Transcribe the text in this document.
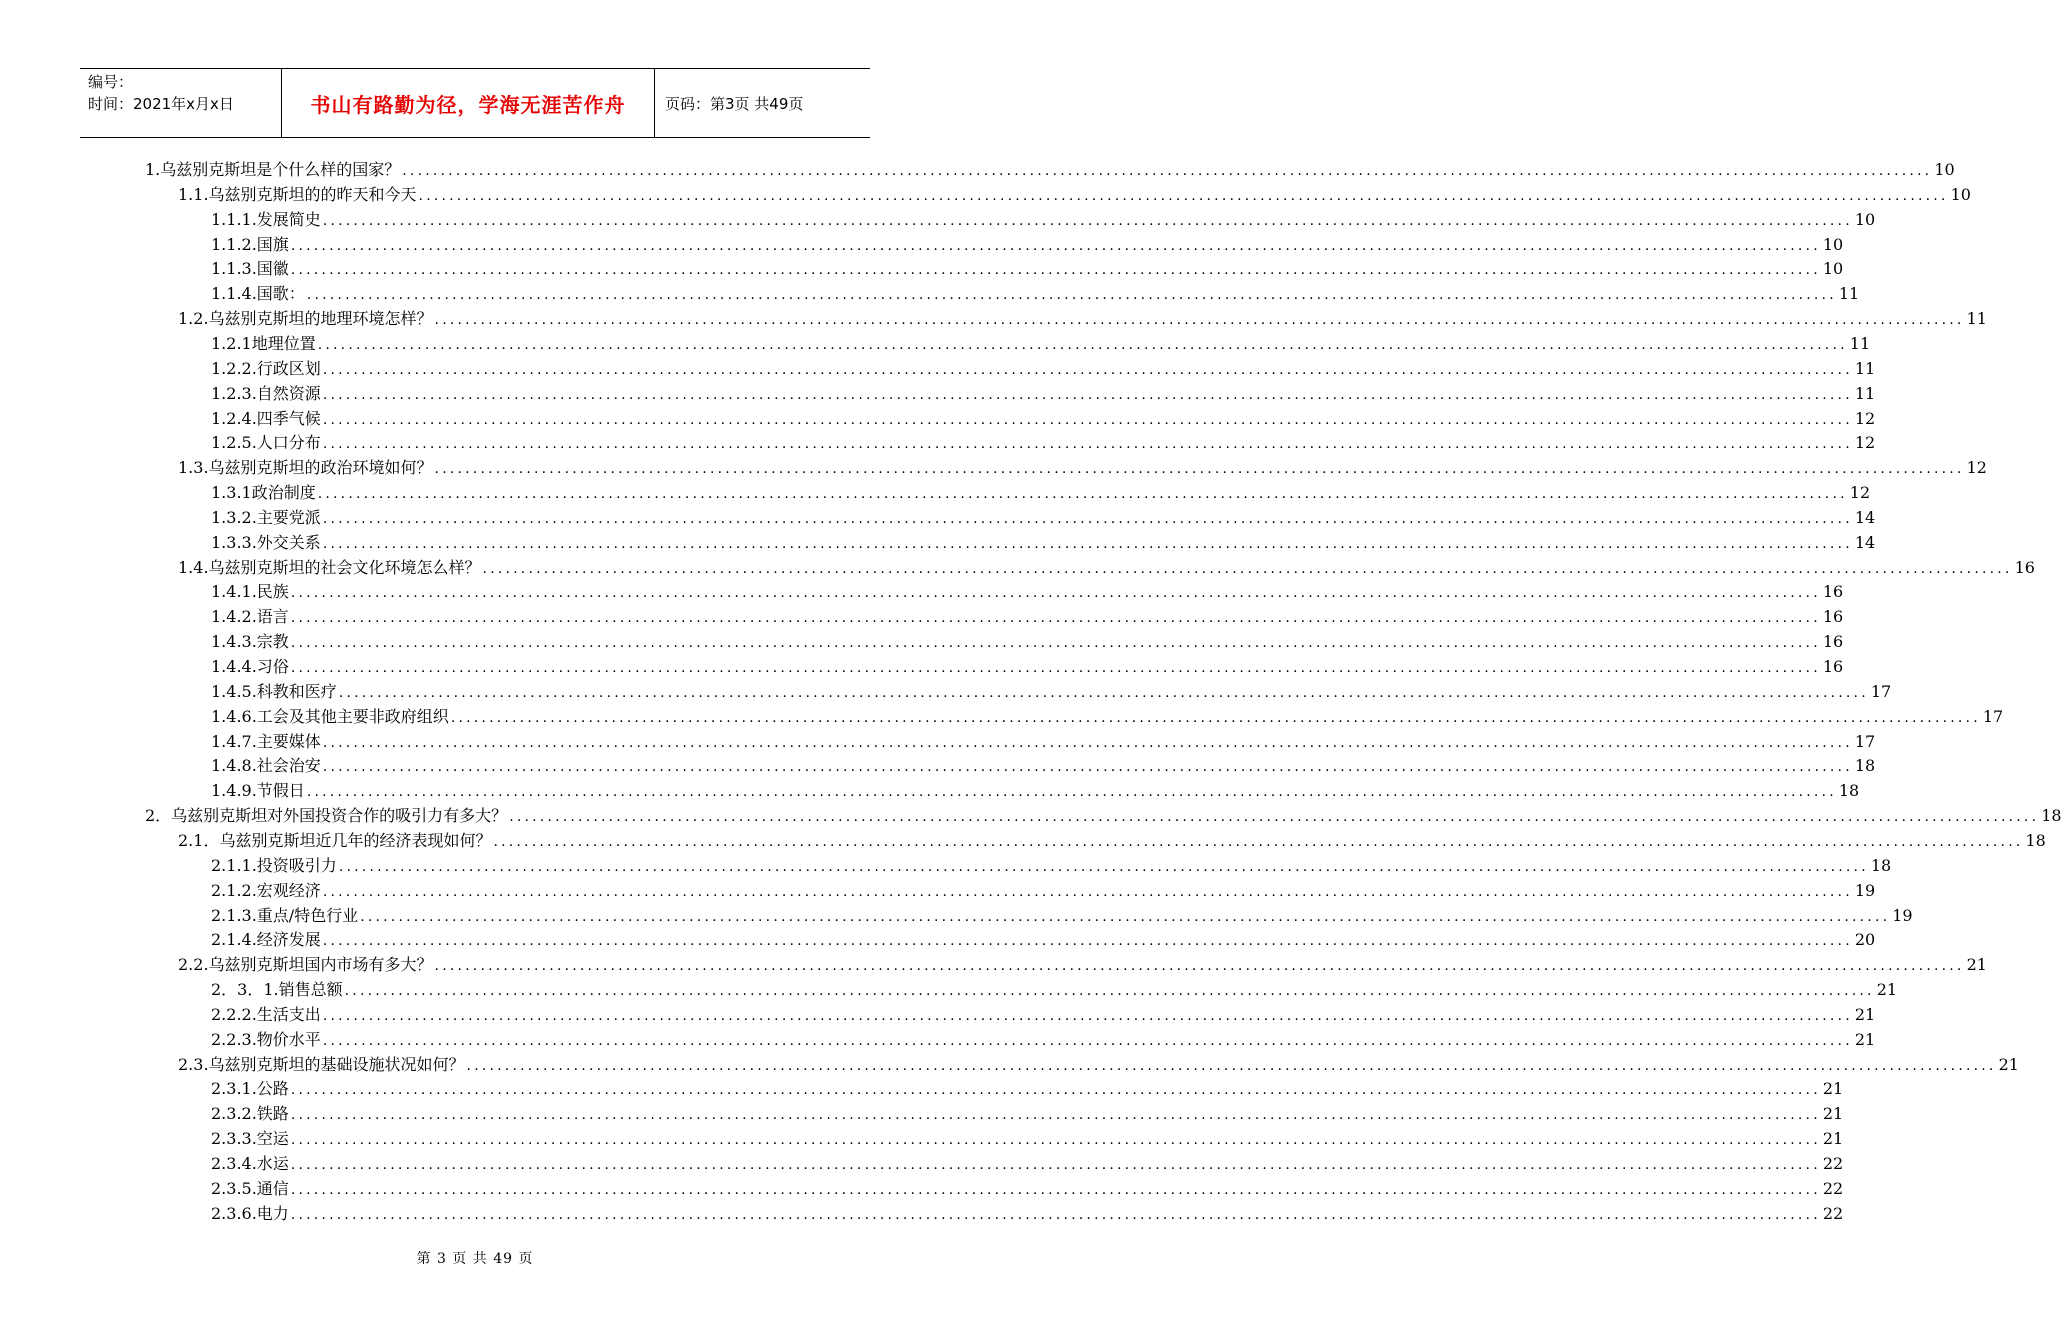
编号：
时间：2021年x月x日	书山有路勤为径，学海无涯苦作舟	页码：第3页 共49页
1.乌兹别克斯坦是个什么样的国家？ ........................................................................................................................................................................................................ 10
1.1.乌兹别克斯坦的的昨天和今天 ........................................................................................................................................................................................................ 10
1.1.1.发展简史 ........................................................................................................................................................................................................ 10
1.1.2.国旗 ........................................................................................................................................................................................................ 10
1.1.3.国徽 ........................................................................................................................................................................................................ 10
1.1.4.国歌： ........................................................................................................................................................................................................ 11
1.2.乌兹别克斯坦的地理环境怎样？ ........................................................................................................................................................................................................ 11
1.2.1地理位置 ........................................................................................................................................................................................................ 11
1.2.2.行政区划 ........................................................................................................................................................................................................ 11
1.2.3.自然资源 ........................................................................................................................................................................................................ 11
1.2.4.四季气候 ........................................................................................................................................................................................................ 12
1.2.5.人口分布 ........................................................................................................................................................................................................ 12
1.3.乌兹别克斯坦的政治环境如何？ ........................................................................................................................................................................................................ 12
1.3.1政治制度 ........................................................................................................................................................................................................ 12
1.3.2.主要党派 ........................................................................................................................................................................................................ 14
1.3.3.外交关系 ........................................................................................................................................................................................................ 14
1.4.乌兹别克斯坦的社会文化环境怎么样？ ........................................................................................................................................................................................................ 16
1.4.1.民族 ........................................................................................................................................................................................................ 16
1.4.2.语言 ........................................................................................................................................................................................................ 16
1.4.3.宗教 ........................................................................................................................................................................................................ 16
1.4.4.习俗 ........................................................................................................................................................................................................ 16
1.4.5.科教和医疗 ........................................................................................................................................................................................................ 17
1.4.6.工会及其他主要非政府组织 ........................................................................................................................................................................................................ 17
1.4.7.主要媒体 ........................................................................................................................................................................................................ 17
1.4.8.社会治安 ........................................................................................................................................................................................................ 18
1.4.9.节假日 ........................................................................................................................................................................................................ 18
2．乌兹别克斯坦对外国投资合作的吸引力有多大？ ........................................................................................................................................................................................................ 18
2.1．乌兹别克斯坦近几年的经济表现如何？ ........................................................................................................................................................................................................ 18
2.1.1.投资吸引力 ........................................................................................................................................................................................................ 18
2.1.2.宏观经济 ........................................................................................................................................................................................................ 19
2.1.3.重点/特色行业 ........................................................................................................................................................................................................ 19
2.1.4.经济发展 ........................................................................................................................................................................................................ 20
2.2.乌兹别克斯坦国内市场有多大？ ........................................................................................................................................................................................................ 21
2．3．1.销售总额 ........................................................................................................................................................................................................ 21
2.2.2.生活支出 ........................................................................................................................................................................................................ 21
2.2.3.物价水平 ........................................................................................................................................................................................................ 21
2.3.乌兹别克斯坦的基础设施状况如何？ ........................................................................................................................................................................................................ 21
2.3.1.公路 ........................................................................................................................................................................................................ 21
2.3.2.铁路 ........................................................................................................................................................................................................ 21
2.3.3.空运 ........................................................................................................................................................................................................ 21
2.3.4.水运 ........................................................................................................................................................................................................ 22
2.3.5.通信 ........................................................................................................................................................................................................ 22
2.3.6.电力 ........................................................................................................................................................................................................ 22
第 3 页 共 49 页
